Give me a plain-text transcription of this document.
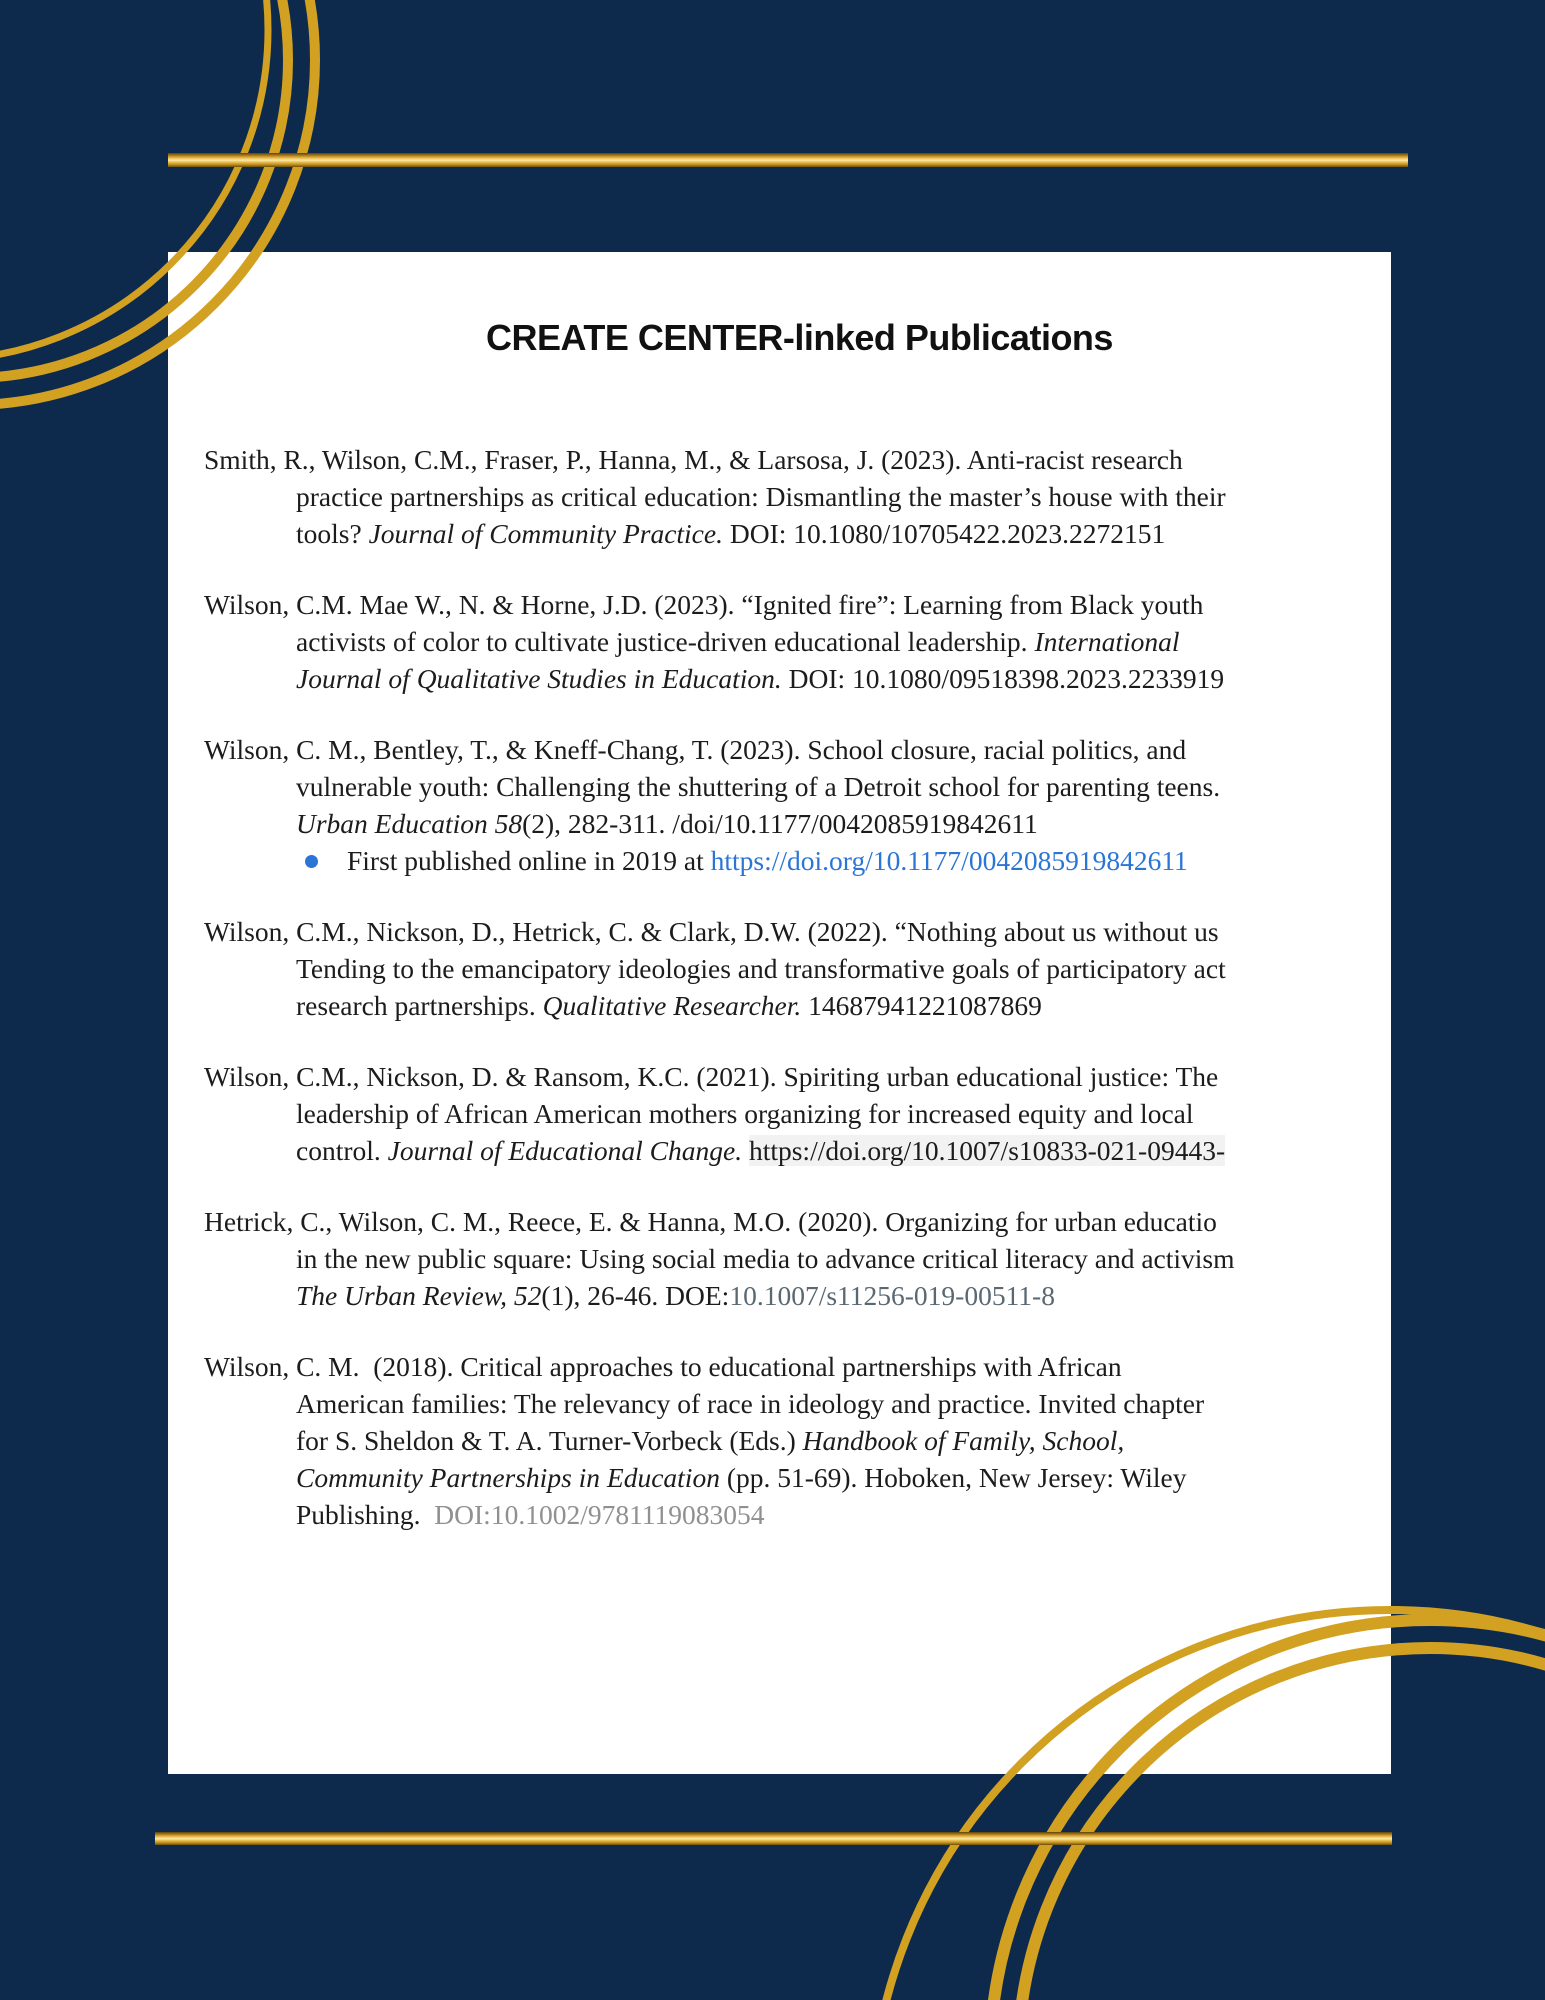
CREATE CENTER-linked Publications
Smith, R., Wilson, C.M., Fraser, P., Hanna, M., & Larsosa, J. (2023). Anti-racist research
practice partnerships as critical education: Dismantling the master’s house with their
tools? Journal of Community Practice. DOI: 10.1080/10705422.2023.2272151
Wilson, C.M. Mae W., N. & Horne, J.D. (2023). “Ignited fire”: Learning from Black youth
activists of color to cultivate justice-driven educational leadership. International
Journal of Qualitative Studies in Education. DOI: 10.1080/09518398.2023.2233919
Wilson, C. M., Bentley, T., & Kneff-Chang, T. (2023). School closure, racial politics, and
vulnerable youth: Challenging the shuttering of a Detroit school for parenting teens.
Urban Education 58(2), 282-311. /doi/10.1177/0042085919842611
First published online in 2019 at https://doi.org/10.1177/0042085919842611
Wilson, C.M., Nickson, D., Hetrick, C. & Clark, D.W. (2022). “Nothing about us without us
Tending to the emancipatory ideologies and transformative goals of participatory act
research partnerships. Qualitative Researcher. 14687941221087869
Wilson, C.M., Nickson, D. & Ransom, K.C. (2021). Spiriting urban educational justice: The
leadership of African American mothers organizing for increased equity and local
control. Journal of Educational Change. https://doi.org/10.1007/s10833-021-09443-
Hetrick, C., Wilson, C. M., Reece, E. & Hanna, M.O. (2020). Organizing for urban educatio
in the new public square: Using social media to advance critical literacy and activism
The Urban Review, 52(1), 26-46. DOE:10.1007/s11256-019-00511-8
Wilson, C. M.  (2018). Critical approaches to educational partnerships with African
American families: The relevancy of race in ideology and practice. Invited chapter
for S. Sheldon & T. A. Turner-Vorbeck (Eds.) Handbook of Family, School,
Community Partnerships in Education (pp. 51-69). Hoboken, New Jersey: Wiley
Publishing.  DOI:10.1002/9781119083054
